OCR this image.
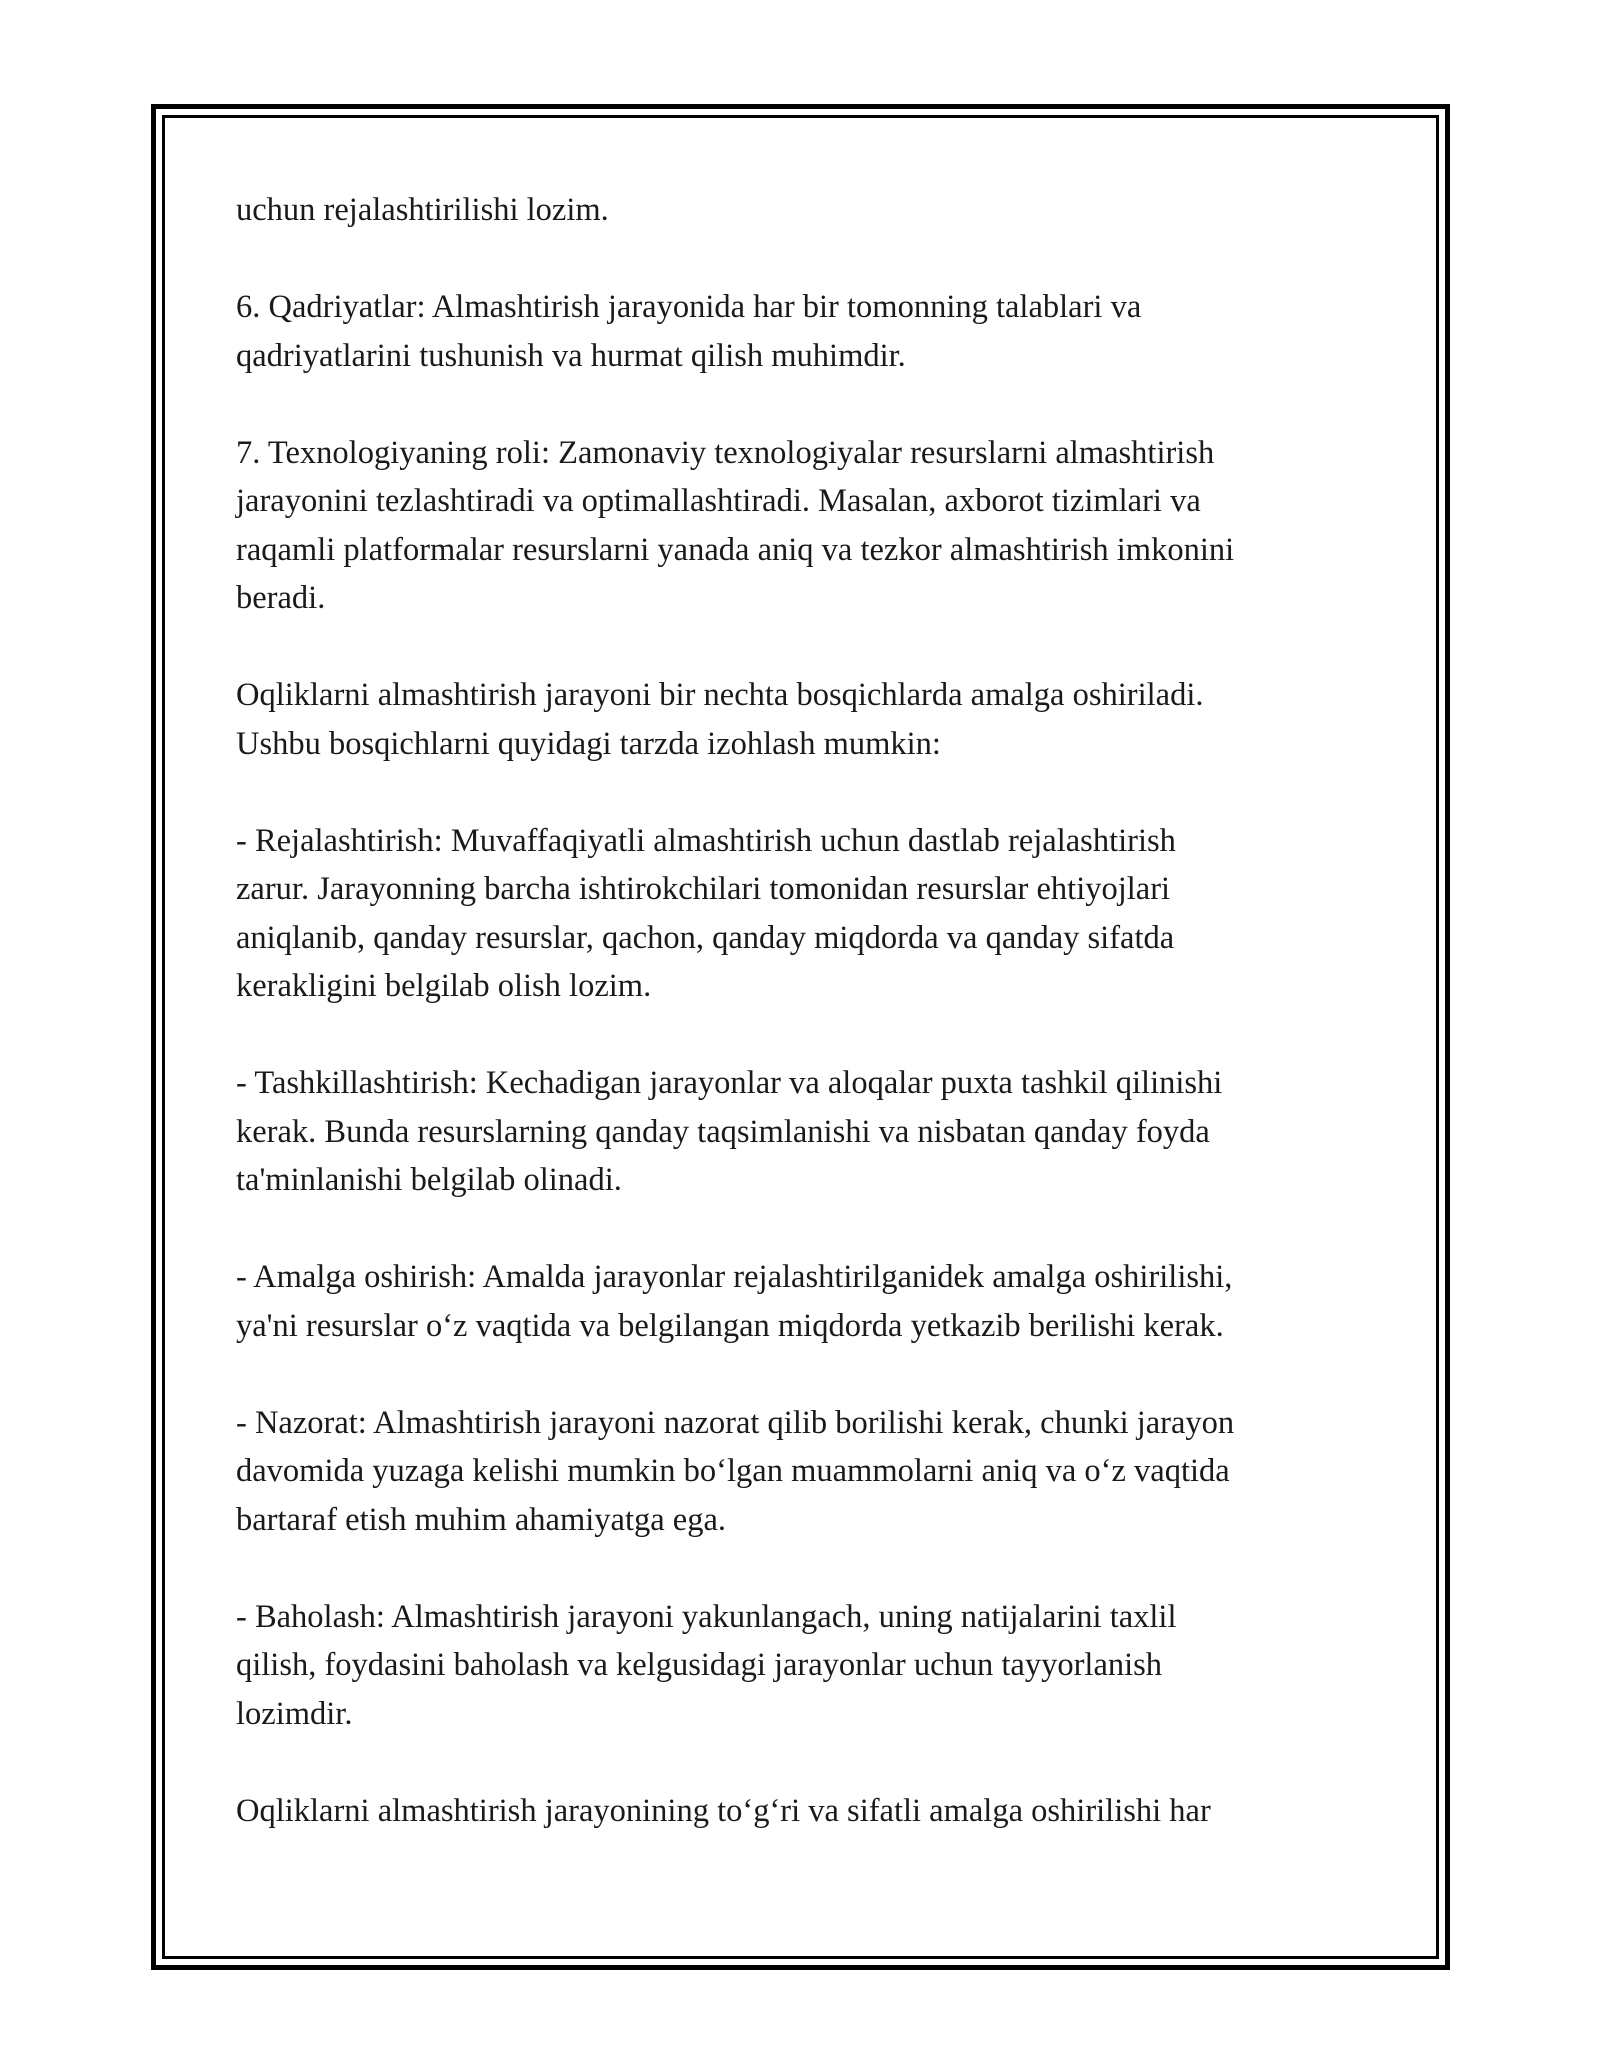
uchun rejalashtirilishi lozim.

6. Qadriyatlar: Almashtirish jarayonida har bir tomonning talablari va
qadriyatlarini tushunish va hurmat qilish muhimdir.

7. Texnologiyaning roli: Zamonaviy texnologiyalar resurslarni almashtirish
jarayonini tezlashtiradi va optimallashtiradi. Masalan, axborot tizimlari va
raqamli platformalar resurslarni yanada aniq va tezkor almashtirish imkonini
beradi.

Oqliklarni almashtirish jarayoni bir nechta bosqichlarda amalga oshiriladi.
Ushbu bosqichlarni quyidagi tarzda izohlash mumkin:

- Rejalashtirish: Muvaffaqiyatli almashtirish uchun dastlab rejalashtirish
zarur. Jarayonning barcha ishtirokchilari tomonidan resurslar ehtiyojlari
aniqlanib, qanday resurslar, qachon, qanday miqdorda va qanday sifatda
kerakligini belgilab olish lozim.

- Tashkillashtirish: Kechadigan jarayonlar va aloqalar puxta tashkil qilinishi
kerak. Bunda resurslarning qanday taqsimlanishi va nisbatan qanday foyda
ta'minlanishi belgilab olinadi.

- Amalga oshirish: Amalda jarayonlar rejalashtirilganidek amalga oshirilishi,
ya'ni resurslar o‘z vaqtida va belgilangan miqdorda yetkazib berilishi kerak.

- Nazorat: Almashtirish jarayoni nazorat qilib borilishi kerak, chunki jarayon
davomida yuzaga kelishi mumkin bo‘lgan muammolarni aniq va o‘z vaqtida
bartaraf etish muhim ahamiyatga ega.

- Baholash: Almashtirish jarayoni yakunlangach, uning natijalarini taxlil
qilish, foydasini baholash va kelgusidagi jarayonlar uchun tayyorlanish
lozimdir.

Oqliklarni almashtirish jarayonining to‘g‘ri va sifatli amalga oshirilishi har
